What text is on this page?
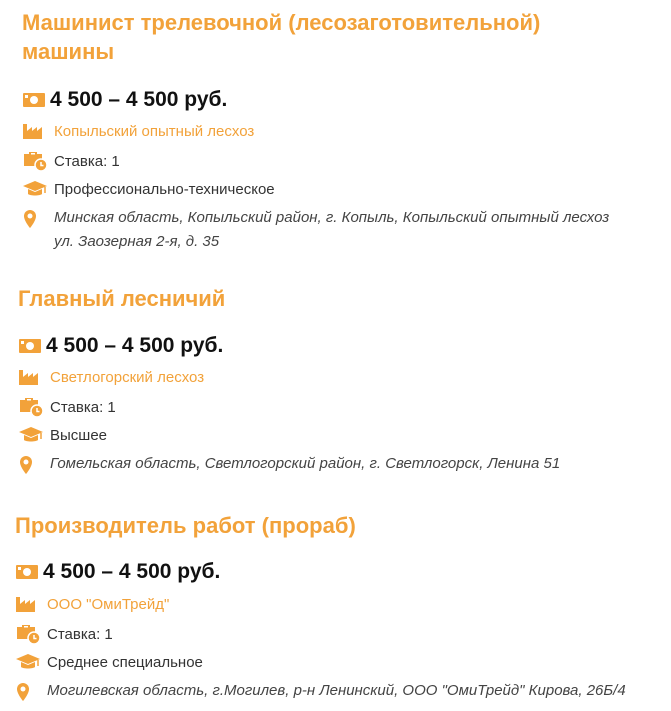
Машинист трелевочной (лесозаготовительной)
машины
4 500 – 4 500 руб.
Копыльский опытный лесхоз
Ставка: 1
Профессионально-техническое
Минская область, Копыльский район, г. Копыль, Копыльский опытный лесхоз
ул. Заозерная 2-я, д. 35
Главный лесничий
4 500 – 4 500 руб.
Светлогорский лесхоз
Ставка: 1
Высшее
Гомельская область, Светлогорский район, г. Светлогорск, Ленина 51
Производитель работ (прораб)
4 500 – 4 500 руб.
ООО "ОмиТрейд"
Ставка: 1
Среднее специальное
Могилевская область, г.Могилев, р-н Ленинский, ООО "ОмиТрейд" Кирова, 26Б/4
